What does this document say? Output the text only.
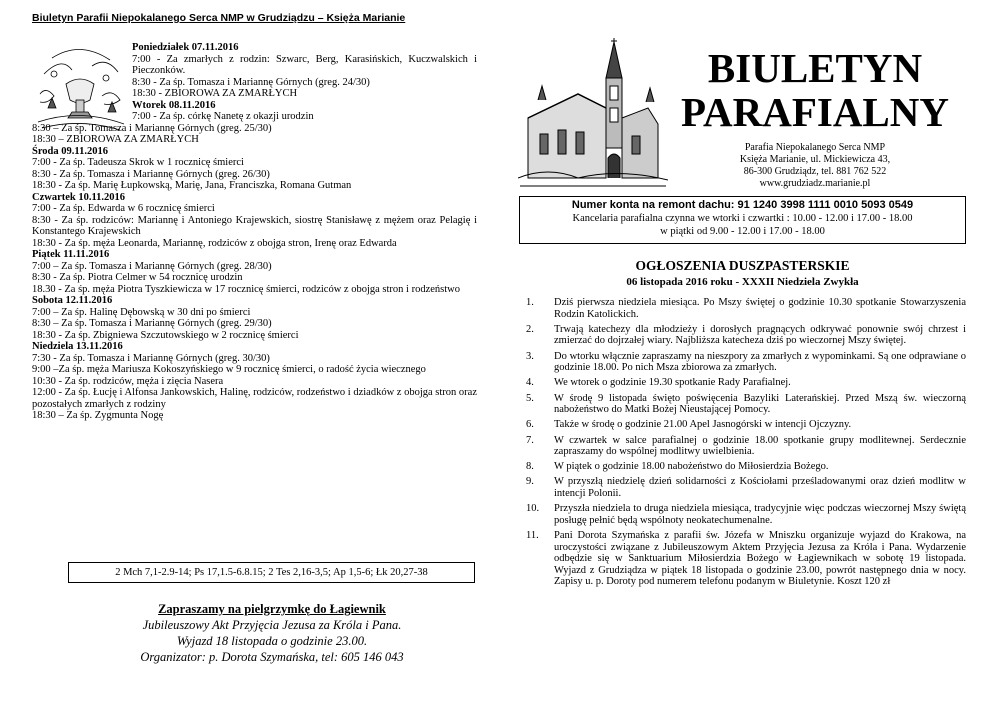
Biuletyn Parafii Niepokalanego Serca NMP w Grudziądzu – Księża Marianie
Poniedziałek 07.11.2016
7:00 - Za zmarłych z rodzin: Szwarc, Berg, Karasińskich, Kuczwalskich i Pieczonków.
8:30 - Za śp. Tomasza i Mariannę Górnych (greg. 24/30)
18:30 - ZBIOROWA ZA ZMARŁYCH
Wtorek 08.11.2016
7:00 - Za śp. córkę Nanetę z okazji urodzin
8:30 – Za śp. Tomasza i Mariannę Górnych (greg. 25/30)
18:30 – ZBIOROWA ZA ZMARŁYCH
Środa 09.11.2016
7:00 - Za śp. Tadeusza Skrok w 1 rocznicę śmierci
8:30 - Za śp. Tomasza i Mariannę Górnych (greg. 26/30)
18:30 - Za śp. Marię Łupkowską, Marię, Jana, Franciszka, Romana Gutman
Czwartek 10.11.2016
7:00 - Za śp. Edwarda w 6 rocznicę śmierci
8:30 - Za śp. rodziców: Mariannę i Antoniego Krajewskich, siostrę Stanisławę z mężem oraz Pelagię i Konstantego Krajewskich
18:30 - Za śp. męża Leonarda, Mariannę, rodziców z obojga stron, Irenę oraz Edwarda
Piątek 11.11.2016
7:00 – Za śp. Tomasza i Mariannę Górnych (greg. 28/30)
8:30 - Za śp. Piotra Celmer w 54 rocznicę urodzin
18.30 - Za śp. męża Piotra Tyszkiewicza w 17 rocznicę śmierci, rodziców z obojga stron i rodzeństwo
Sobota 12.11.2016
7:00 – Za śp. Halinę Dębowską w 30 dni po śmierci
8:30 – Za śp. Tomasza i Mariannę Górnych (greg. 29/30)
18:30 - Za śp. Zbigniewa Szczutowskiego w 2 rocznicę śmierci
Niedziela 13.11.2016
7:30 - Za śp. Tomasza i Mariannę Górnych (greg. 30/30)
9:00 –Za śp. męża Mariusza Kokoszyńskiego w 9 rocznicę śmierci, o radość życia wiecznego
10:30 - Za śp. rodziców, męża i zięcia Nasera
12:00 - Za śp. Łucję i Alfonsa Jankowskich, Halinę, rodziców, rodzeństwo i dziadków z obojga stron oraz pozostałych zmarłych z rodziny
18:30 – Za śp. Zygmunta Nogę
2 Mch 7,1-2.9-14; Ps 17,1.5-6.8.15; 2 Tes 2,16-3,5; Ap 1,5-6; Łk 20,27-38
Zapraszamy na pielgrzymkę do Łagiewnik
Jubileuszowy Akt Przyjęcia Jezusa za Króla i Pana.
Wyjazd 18 listopada o godzinie 23.00.
Organizator: p. Dorota Szymańska, tel: 605 146 043
BIULETYN
PARAFIALNY
Parafia Niepokalanego Serca NMP
Księża Marianie, ul. Mickiewicza 43,
86-300 Grudziądz, tel. 881 762 522
www.grudziadz.marianie.pl
Numer konta na remont dachu: 91 1240 3998 1111 0010 5093 0549
Kancelaria parafialna czynna we wtorki i czwartki : 10.00 - 12.00 i 17.00 - 18.00
w piątki od 9.00 - 12.00 i 17.00 - 18.00
OGŁOSZENIA DUSZPASTERSKIE
06 listopada 2016 roku - XXXII Niedziela Zwykła
1. Dziś pierwsza niedziela miesiąca. Po Mszy świętej o godzinie 10.30 spotkanie Stowarzyszenia Rodzin Katolickich.
2. Trwają katechezy dla młodzieży i dorosłych pragnących odkrywać ponownie swój chrzest i zmierzać do dojrzałej wiary. Najbliższa katecheza dziś po wieczornej Mszy świętej.
3. Do wtorku włącznie zapraszamy na nieszpory za zmarłych z wypominkami. Są one odprawiane o godzinie 18.00. Po nich Msza zbiorowa za zmarłych.
4. We wtorek o godzinie 19.30 spotkanie Rady Parafialnej.
5. W środę 9 listopada święto poświęcenia Bazyliki Laterańskiej. Przed Mszą św. wieczorną nabożeństwo do Matki Bożej Nieustającej Pomocy.
6. Także w środę o godzinie 21.00 Apel Jasnogórski w intencji Ojczyzny.
7. W czwartek w salce parafialnej o godzinie 18.00 spotkanie grupy modlitewnej. Serdecznie zapraszamy do wspólnej modlitwy uwielbienia.
8. W piątek o godzinie 18.00 nabożeństwo do Miłosierdzia Bożego.
9. W przyszłą niedzielę dzień solidarności z Kościołami prześladowanymi oraz dzień modlitw w intencji Polonii.
10. Przyszła niedziela to druga niedziela miesiąca, tradycyjnie więc podczas wieczornej Mszy świętą posługę pełnić będą wspólnoty neokatechumenalne.
11. Pani Dorota Szymańska z parafii św. Józefa w Mniszku organizuje wyjazd do Krakowa, na uroczystości związane z Jubileuszowym Aktem Przyjęcia Jezusa za Króla i Pana. Wydarzenie odbędzie się w Sanktuarium Miłosierdzia Bożego w Łagiewnikach w sobotę 19 listopada. Wyjazd z Grudziądza w piątek 18 listopada o godzinie 23.00, powrót następnego dnia w nocy. Zapisy u. p. Doroty pod numerem telefonu podanym w Biuletynie. Koszt 120 zł
